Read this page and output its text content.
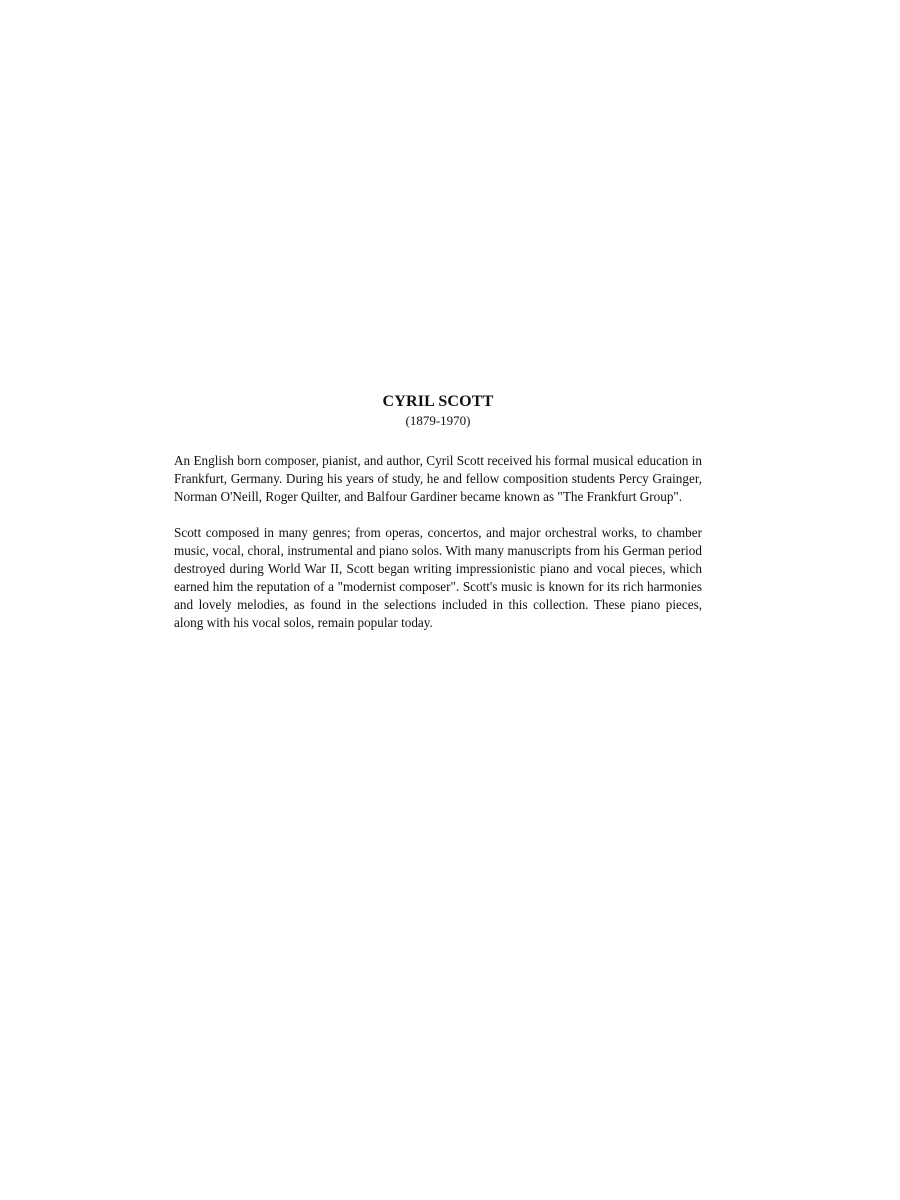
CYRIL SCOTT

(1879-1970)

An English born composer, pianist, and author, Cyril Scott received his formal musical education in Frankfurt, Germany. During his years of study, he and fellow composition students Percy Grainger, Norman O'Neill, Roger Quilter, and Balfour Gardiner became known as "The Frankfurt Group".

Scott composed in many genres; from operas, concertos, and major orchestral works, to chamber music, vocal, choral, instrumental and piano solos. With many manuscripts from his German period destroyed during World War II, Scott began writing impressionistic piano and vocal pieces, which earned him the reputation of a "modernist composer". Scott's music is known for its rich harmonies and lovely melodies, as found in the selections included in this collection. These piano pieces, along with his vocal solos, remain popular today.
